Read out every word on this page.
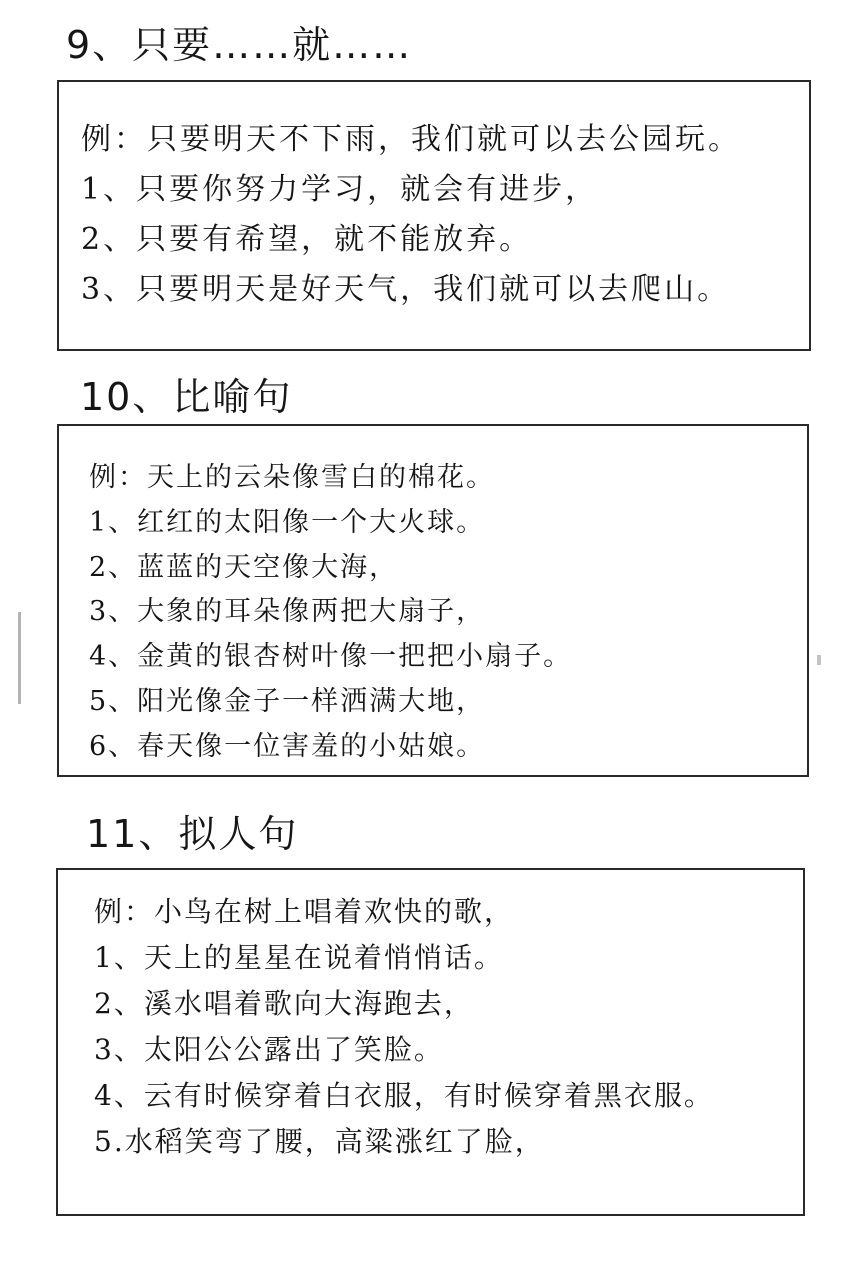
9、只要……就……
例：只要明天不下雨，我们就可以去公园玩。
1、只要你努力学习，就会有进步，
2、只要有希望，就不能放弃。
3、只要明天是好天气，我们就可以去爬山。
10、比喻句
例：天上的云朵像雪白的棉花。
1、红红的太阳像一个大火球。
2、蓝蓝的天空像大海，
3、大象的耳朵像两把大扇子，
4、金黄的银杏树叶像一把把小扇子。
5、阳光像金子一样洒满大地，
6、春天像一位害羞的小姑娘。
11、拟人句
例：小鸟在树上唱着欢快的歌，
1、天上的星星在说着悄悄话。
2、溪水唱着歌向大海跑去，
3、太阳公公露出了笑脸。
4、云有时候穿着白衣服，有时候穿着黑衣服。
5.水稻笑弯了腰，高粱涨红了脸，
